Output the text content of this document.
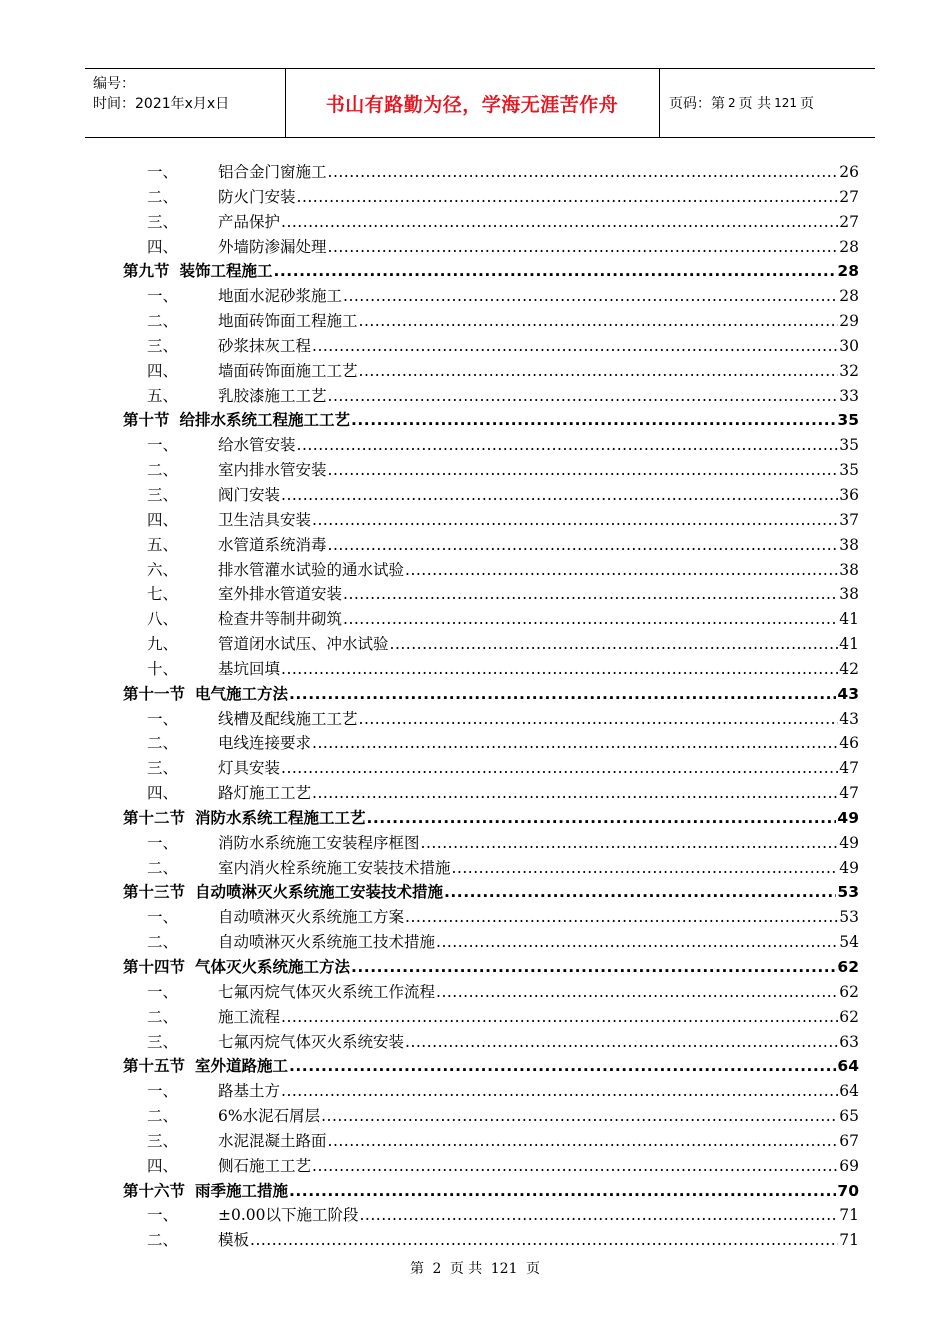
编号：
时间：2021年x月x日	书山有路勤为径，学海无涯苦作舟	页码：第 2 页 共 121 页
一、	铝合金门窗施工 .....	26
二、	防火门安装 .....	27
三、	产品保护 .....	27
四、	外墙防渗漏处理 .....	28
第九节 装饰工程施工 .....	28
一、	地面水泥砂浆施工 .....	28
二、	地面砖饰面工程施工 .....	29
三、	砂浆抹灰工程 .....	30
四、	墙面砖饰面施工工艺 .....	32
五、	乳胶漆施工工艺 .....	33
第十节 给排水系统工程施工工艺 .....	35
一、	给水管安装 .....	35
二、	室内排水管安装 .....	35
三、	阀门安装 .....	36
四、	卫生洁具安装 .....	37
五、	水管道系统消毒 .....	38
六、	排水管灌水试验的通水试验 .....	38
七、	室外排水管道安装 .....	38
八、	检查井等制井砌筑 .....	41
九、	管道闭水试压、冲水试验 .....	41
十、	基坑回填 .....	42
第十一节 电气施工方法 .....	43
一、	线槽及配线施工工艺 .....	43
二、	电线连接要求 .....	46
三、	灯具安装 .....	47
四、	路灯施工工艺 .....	47
第十二节 消防水系统工程施工工艺 .....	49
一、	消防水系统施工安装程序框图 .....	49
二、	室内消火栓系统施工安装技术措施 .....	49
第十三节 自动喷淋灭火系统施工安装技术措施 .....	53
一、	自动喷淋灭火系统施工方案 .....	53
二、	自动喷淋灭火系统施工技术措施 .....	54
第十四节 气体灭火系统施工方法 .....	62
一、	七氟丙烷气体灭火系统工作流程 .....	62
二、	施工流程 .....	62
三、	七氟丙烷气体灭火系统安装 .....	63
第十五节 室外道路施工 .....	64
一、	路基土方 .....	64
二、	6%水泥石屑层 .....	65
三、	水泥混凝土路面 .....	67
四、	侧石施工工艺 .....	69
第十六节 雨季施工措施 .....	70
一、	±0.00以下施工阶段 .....	71
二、	模板 .....	71
第 2 页 共 121 页
